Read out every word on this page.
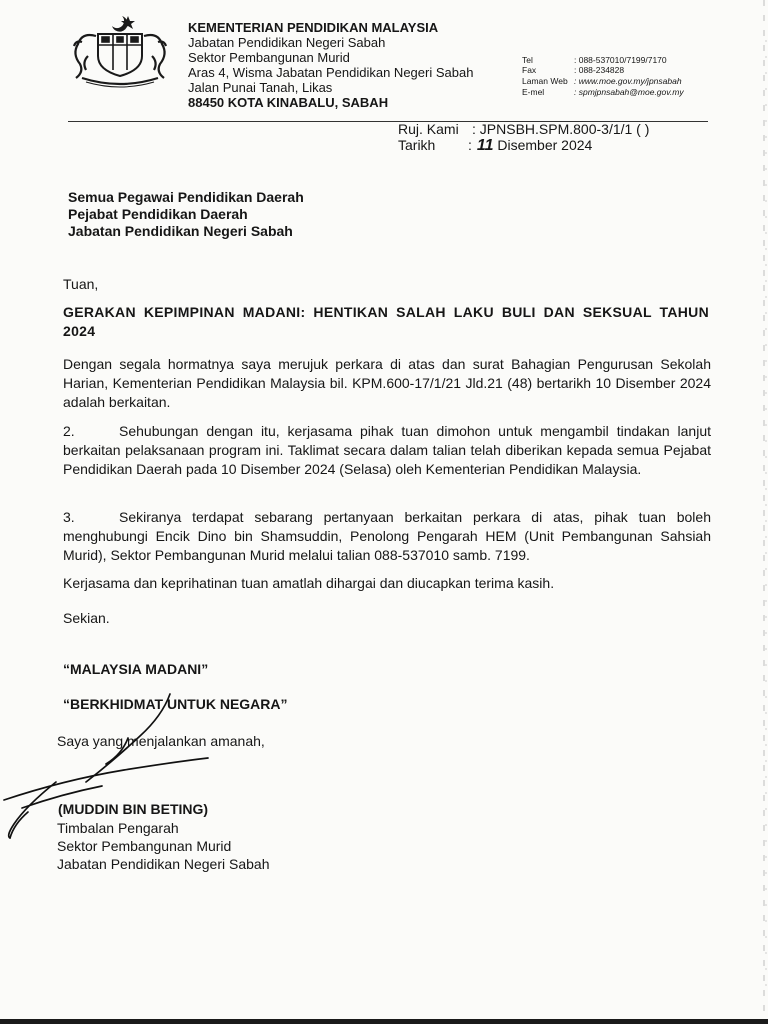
KEMENTERIAN PENDIDIKAN MALAYSIA
Jabatan Pendidikan Negeri Sabah
Sektor Pembangunan Murid
Aras 4, Wisma Jabatan Pendidikan Negeri Sabah
Jalan Punai Tanah, Likas
88450 KOTA KINABALU, SABAH
Tel	: 088-537010/7199/7170
Fax	: 088-234828
Laman Web : www.moe.gov.my/jpnsabah
E-mel	: spmjpnsabah@moe.gov.my
Ruj. Kami : JPNSBH.SPM.800-3/1/1 ( )
Tarikh : 11 Disember 2024
Semua Pegawai Pendidikan Daerah
Pejabat Pendidikan Daerah
Jabatan Pendidikan Negeri Sabah
Tuan,
GERAKAN KEPIMPINAN MADANI: HENTIKAN SALAH LAKU BULI DAN SEKSUAL TAHUN 2024
Dengan segala hormatnya saya merujuk perkara di atas dan surat Bahagian Pengurusan Sekolah Harian, Kementerian Pendidikan Malaysia bil. KPM.600-17/1/21 Jld.21 (48) bertarikh 10 Disember 2024 adalah berkaitan.
2.	Sehubungan dengan itu, kerjasama pihak tuan dimohon untuk mengambil tindakan lanjut berkaitan pelaksanaan program ini. Taklimat secara dalam talian telah diberikan kepada semua Pejabat Pendidikan Daerah pada 10 Disember 2024 (Selasa) oleh Kementerian Pendidikan Malaysia.
3.	Sekiranya terdapat sebarang pertanyaan berkaitan perkara di atas, pihak tuan boleh menghubungi Encik Dino bin Shamsuddin, Penolong Pengarah HEM (Unit Pembangunan Sahsiah Murid), Sektor Pembangunan Murid melalui talian 088-537010 samb. 7199.
Kerjasama dan keprihatinan tuan amatlah dihargai dan diucapkan terima kasih.
Sekian.
“MALAYSIA MADANI”
“BERKHIDMAT UNTUK NEGARA”
Saya yang menjalankan amanah,
(MUDDIN BIN BETING)
Timbalan Pengarah
Sektor Pembangunan Murid
Jabatan Pendidikan Negeri Sabah
